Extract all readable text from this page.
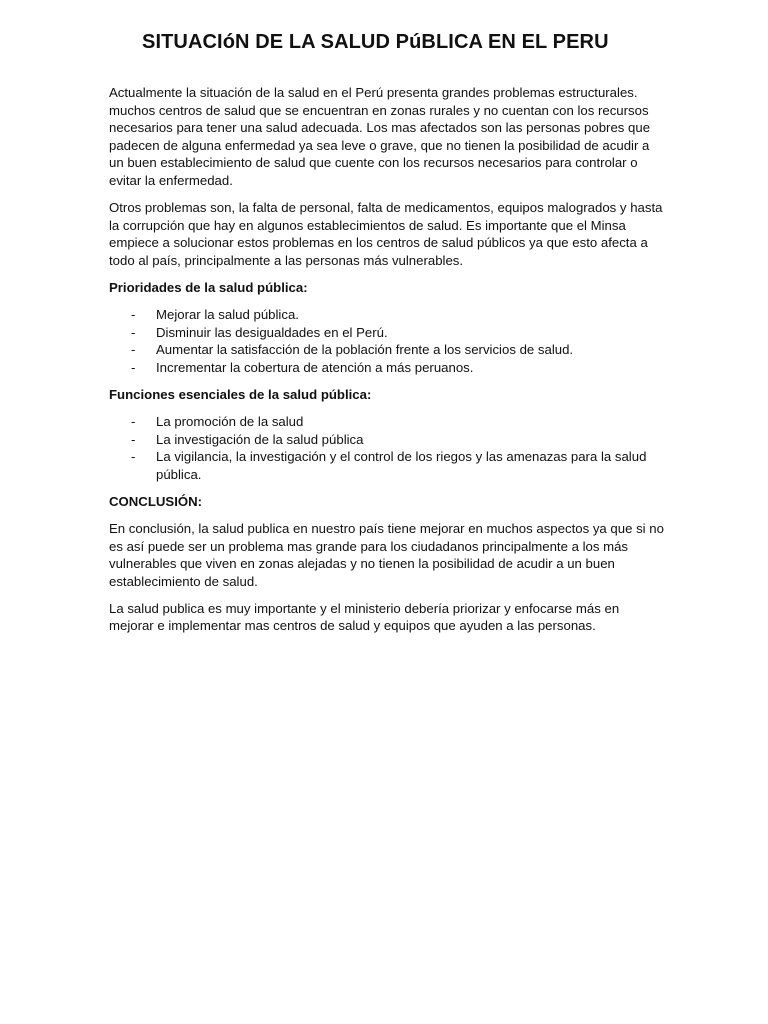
SITUACIóN DE LA SALUD PúBLICA EN EL PERU

Actualmente la situación de la salud en el Perú presenta grandes problemas estructurales. muchos centros de salud que se encuentran en zonas rurales y no cuentan con los recursos necesarios para tener una salud adecuada. Los mas afectados son las personas pobres que padecen de alguna enfermedad ya sea leve o grave, que no tienen la posibilidad de acudir a un buen establecimiento de salud que cuente con los recursos necesarios para controlar o evitar la enfermedad.

Otros problemas son, la falta de personal, falta de medicamentos, equipos malogrados y hasta la corrupción que hay en algunos establecimientos de salud. Es importante que el Minsa empiece a solucionar estos problemas en los centros de salud públicos ya que esto afecta a todo al país, principalmente a las personas más vulnerables.

Prioridades de la salud pública:

- Mejorar la salud pública.
- Disminuir las desigualdades en el Perú.
- Aumentar la satisfacción de la población frente a los servicios de salud.
- Incrementar la cobertura de atención a más peruanos.

Funciones esenciales de la salud pública:

- La promoción de la salud
- La investigación de la salud pública
- La vigilancia, la investigación y el control de los riegos y las amenazas para la salud pública.

CONCLUSIÓN:

En conclusión, la salud publica en nuestro país tiene mejorar en muchos aspectos ya que si no es así puede ser un problema mas grande para los ciudadanos principalmente a los más vulnerables que viven en zonas alejadas y no tienen la posibilidad de acudir a un buen establecimiento de salud.

La salud publica es muy importante y el ministerio debería priorizar y enfocarse más en mejorar e implementar mas centros de salud y equipos que ayuden a las personas.
